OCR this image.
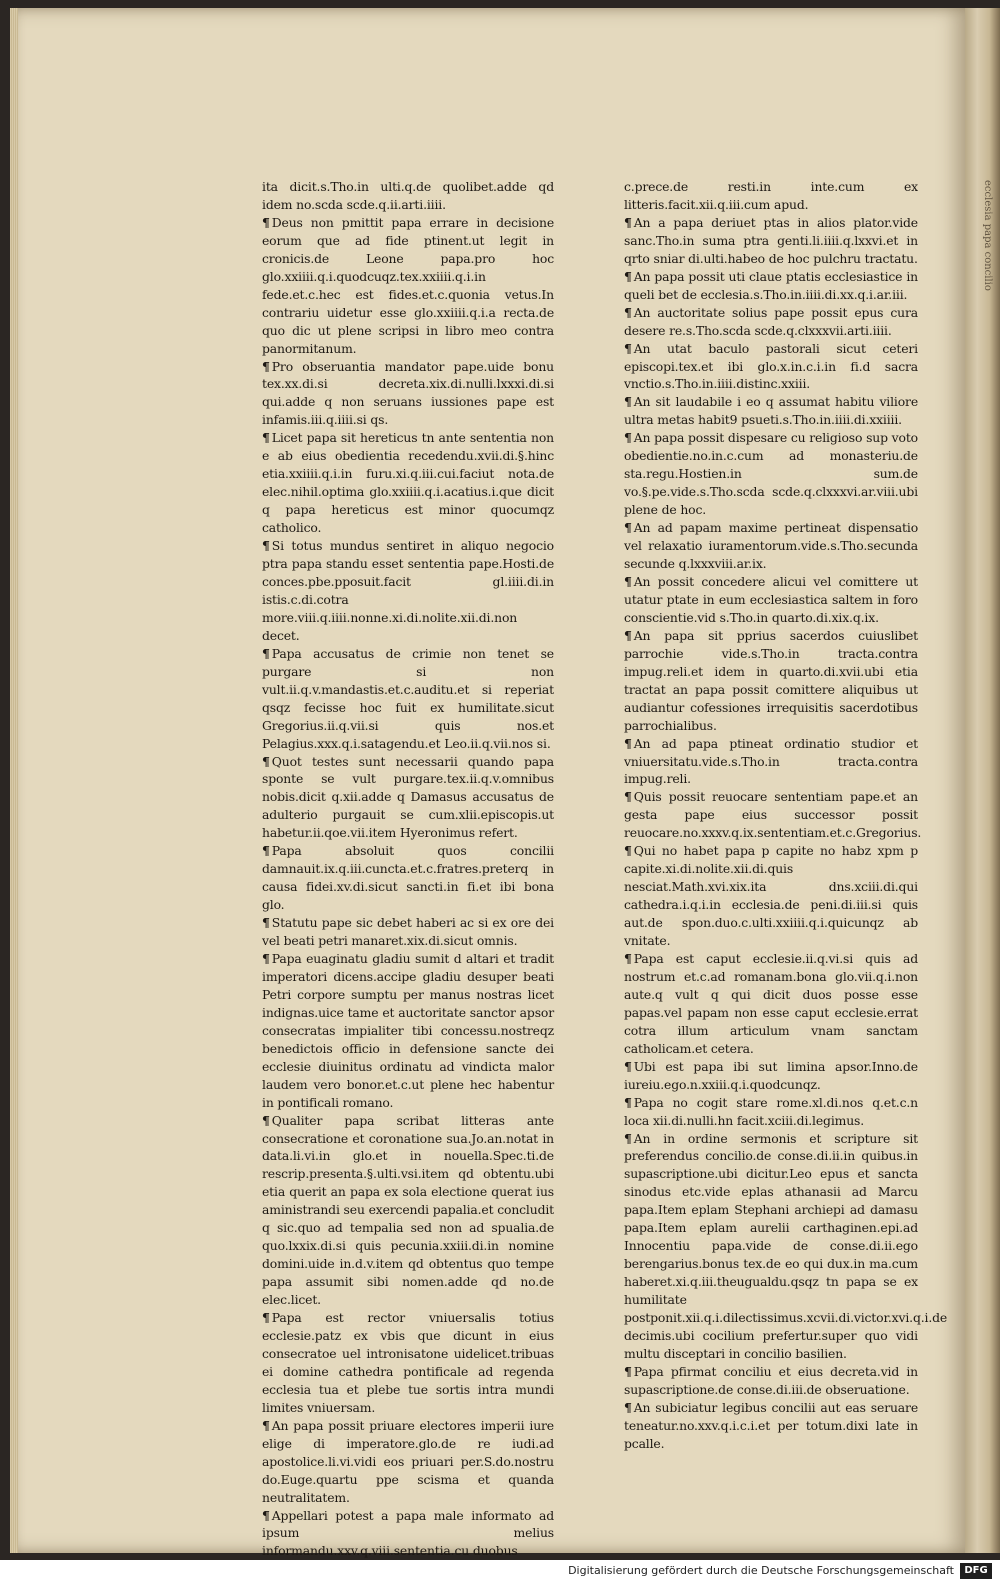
ecclesia papa concilio

ita dicit.s.Tho.in ulti.q.de quolibet.adde qd idem no.scda scde.q.ii.arti.iiii.

¶ Deus non pmittit papa errare in decisione eorum que ad fide ptinent.ut legit in cronicis.de Leone papa.pro hoc glo.xxiiii.q.i.quodcuqz.tex.xxiiii.q.i.in fede.et.c.hec est fides.et.c.quonia vetus.In contrariu uidetur esse glo.xxiiii.q.i.a recta.de quo dic ut plene scripsi in libro meo contra panormitanum.

¶ Pro obseruantia mandator pape.uide bonu tex.xx.di.si decreta.xix.di.nulli.lxxxi.di.si qui.adde q non seruans iussiones pape est infamis.iii.q.iiii.si qs.

¶ Licet papa sit hereticus tn ante sententia non e ab eius obedientia recedendu.xvii.di.§.hinc etia.xxiiii.q.i.in furu.xi.q.iii.cui.faciut nota.de elec.nihil.optima glo.xxiiii.q.i.acatius.i.que dicit q papa hereticus est minor quocumqz catholico.

¶ Si totus mundus sentiret in aliquo negocio ptra papa standu esset sententia pape.Hosti.de conces.pbe.pposuit.facit gl.iiii.di.in istis.c.di.cotra more.viii.q.iiii.nonne.xi.di.nolite.xii.di.non decet.

¶ Papa accusatus de crimie non tenet se purgare si non vult.ii.q.v.mandastis.et.c.auditu.et si reperiat qsqz fecisse hoc fuit ex humilitate.sicut Gregorius.ii.q.vii.si quis nos.et Pelagius.xxx.q.i.satagendu.et Leo.ii.q.vii.nos si.

¶ Quot testes sunt necessarii quando papa sponte se vult purgare.tex.ii.q.v.omnibus nobis.dicit q.xii.adde q Damasus accusatus de adulterio purgauit se cum.xlii.episcopis.ut habetur.ii.qoe.vii.item Hyeronimus refert.

¶ Papa absoluit quos concilii damnauit.ix.q.iii.cuncta.et.c.fratres.preterq in causa fidei.xv.di.sicut sancti.in fi.et ibi bona glo.

¶ Statutu pape sic debet haberi ac si ex ore dei vel beati petri manaret.xix.di.sicut omnis.

¶ Papa euaginatu gladiu sumit d altari et tradit imperatori dicens.accipe gladiu desuper beati Petri corpore sumptu per manus nostras licet indignas.uice tame et auctoritate sanctor apsor consecratas impialiter tibi concessu.nostreqz benedictois officio in defensione sancte dei ecclesie diuinitus ordinatu ad vindicta malor laudem vero bonor.et.c.ut plene hec habentur in pontificali romano.

¶ Qualiter papa scribat litteras ante consecratione et coronatione sua.Jo.an.notat in data.li.vi.in glo.et in nouella.Spec.ti.de rescrip.presenta.§.ulti.vsi.item qd obtentu.ubi etia querit an papa ex sola electione querat ius aministrandi seu exercendi papalia.et concludit q sic.quo ad tempalia sed non ad spualia.de quo.lxxix.di.si quis pecunia.xxiii.di.in nomine domini.uide in.d.v.item qd obtentus quo tempe papa assumit sibi nomen.adde qd no.de elec.licet.

¶ Papa est rector vniuersalis totius ecclesie.patz ex vbis que dicunt in eius consecratoe uel intronisatone uidelicet.tribuas ei domine cathedra pontificale ad regenda ecclesia tua et plebe tue sortis intra mundi limites vniuersam.

¶ An papa possit priuare electores imperii iure elige di imperatore.glo.de re iudi.ad apostolice.li.vi.vidi eos priuari per.S.do.nostru do.Euge.quartu ppe scisma et quanda neutralitatem.

¶ Appellari potest a papa male informato ad ipsum melius informandu.xxv.q.viii.sententia.cu duobus

c.prece.de resti.in inte.cum ex litteris.facit.xii.q.iii.cum apud.

¶ An a papa deriuet ptas in alios plator.vide sanc.Tho.in suma ptra genti.li.iiii.q.lxxvi.et in qrto sniar di.ulti.habeo de hoc pulchru tractatu.

¶ An papa possit uti claue ptatis ecclesiastice in queli bet de ecclesia.s.Tho.in.iiii.di.xx.q.i.ar.iii.

¶ An auctoritate solius pape possit epus cura desere re.s.Tho.scda scde.q.clxxxvii.arti.iiii.

¶ An utat baculo pastorali sicut ceteri episcopi.tex.et ibi glo.x.in.c.i.in fi.d sacra vnctio.s.Tho.in.iiii.distinc.xxiii.

¶ An sit laudabile i eo q assumat habitu viliore ultra metas habit9 psueti.s.Tho.in.iiii.di.xxiiii.

¶ An papa possit dispesare cu religioso sup voto obedientie.no.in.c.cum ad monasteriu.de sta.regu.Hostien.in sum.de vo.§.pe.vide.s.Tho.scda scde.q.clxxxvi.ar.viii.ubi plene de hoc.

¶ An ad papam maxime pertineat dispensatio vel relaxatio iuramentorum.vide.s.Tho.secunda secunde q.lxxxviii.ar.ix.

¶ An possit concedere alicui vel comittere ut utatur ptate in eum ecclesiastica saltem in foro conscientie.vid s.Tho.in quarto.di.xix.q.ix.

¶ An papa sit pprius sacerdos cuiuslibet parrochie vide.s.Tho.in tracta.contra impug.reli.et idem in quarto.di.xvii.ubi etia tractat an papa possit comittere aliquibus ut audiantur cofessiones irrequisitis sacerdotibus parrochialibus.

¶ An ad papa ptineat ordinatio studior et vniuersitatu.vide.s.Tho.in tracta.contra impug.reli.

¶ Quis possit reuocare sententiam pape.et an gesta pape eius successor possit reuocare.no.xxxv.q.ix.sententiam.et.c.Gregorius.

¶ Qui no habet papa p capite no habz xpm p capite.xi.di.nolite.xii.di.quis nesciat.Math.xvi.xix.ita dns.xciii.di.qui cathedra.i.q.i.in ecclesia.de peni.di.iii.si quis aut.de spon.duo.c.ulti.xxiiii.q.i.quicunqz ab vnitate.

¶ Papa est caput ecclesie.ii.q.vi.si quis ad nostrum et.c.ad romanam.bona glo.vii.q.i.non aute.q vult q qui dicit duos posse esse papas.vel papam non esse caput ecclesie.errat cotra illum articulum vnam sanctam catholicam.et cetera.

¶ Ubi est papa ibi sut limina apsor.Inno.de iureiu.ego.n.xxiii.q.i.quodcunqz.

¶ Papa no cogit stare rome.xl.di.nos q.et.c.n loca xii.di.nulli.hn facit.xciii.di.legimus.

¶ An in ordine sermonis et scripture sit preferendus concilio.de conse.di.ii.in quibus.in supascriptione.ubi dicitur.Leo epus et sancta sinodus etc.vide eplas athanasii ad Marcu papa.Item eplam Stephani archiepi ad damasu papa.Item eplam aurelii carthaginen.epi.ad Innocentiu papa.vide de conse.di.ii.ego berengarius.bonus tex.de eo qui dux.in ma.cum haberet.xi.q.iii.theugualdu.qsqz tn papa se ex humilitate postponit.xii.q.i.dilectissimus.xcvii.di.victor.xvi.q.i.de decimis.ubi cocilium prefertur.super quo vidi multu disceptari in concilio basilien.

¶ Papa pfirmat conciliu et eius decreta.vid in supascriptione.de conse.di.iii.de obseruatione.

¶ An subiciatur legibus concilii aut eas seruare teneatur.no.xxv.q.i.c.i.et per totum.dixi late in pcalle.

Digitalisierung gefördert durch die Deutsche Forschungsgemeinschaft	DFG
